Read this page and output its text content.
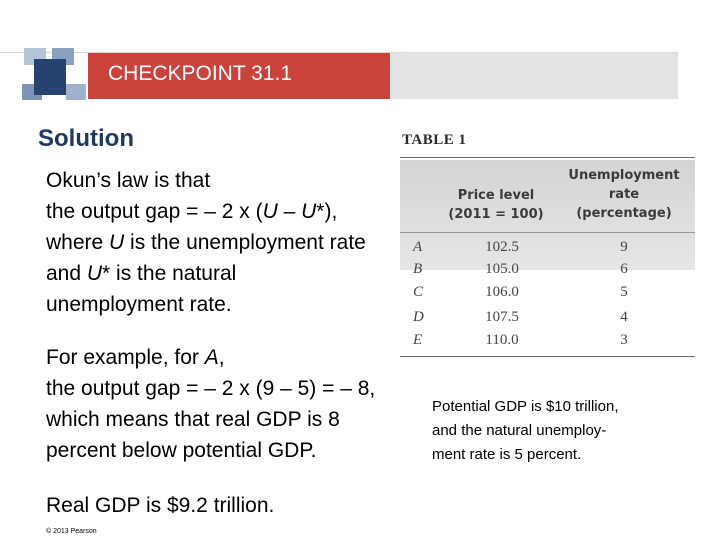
CHECKPOINT 31.1
Solution
Okun’s law is that
the output gap = – 2 x (U – U*),
where U is the unemployment rate
and U* is the natural
unemployment rate.
TABLE 1
Price level
(2011 = 100)
Unemployment
rate
(percentage)
A	102.5	9
B	105.0	6
C	106.0	5
D	107.5	4
E	110.0	3
For example, for A,
the output gap = – 2 x (9 – 5) = – 8,
which means that real GDP is 8
percent below potential GDP.
Potential GDP is $10 trillion,
and the natural unemploy-
ment rate is 5 percent.
Real GDP is $9.2 trillion.
© 2013 Pearson
